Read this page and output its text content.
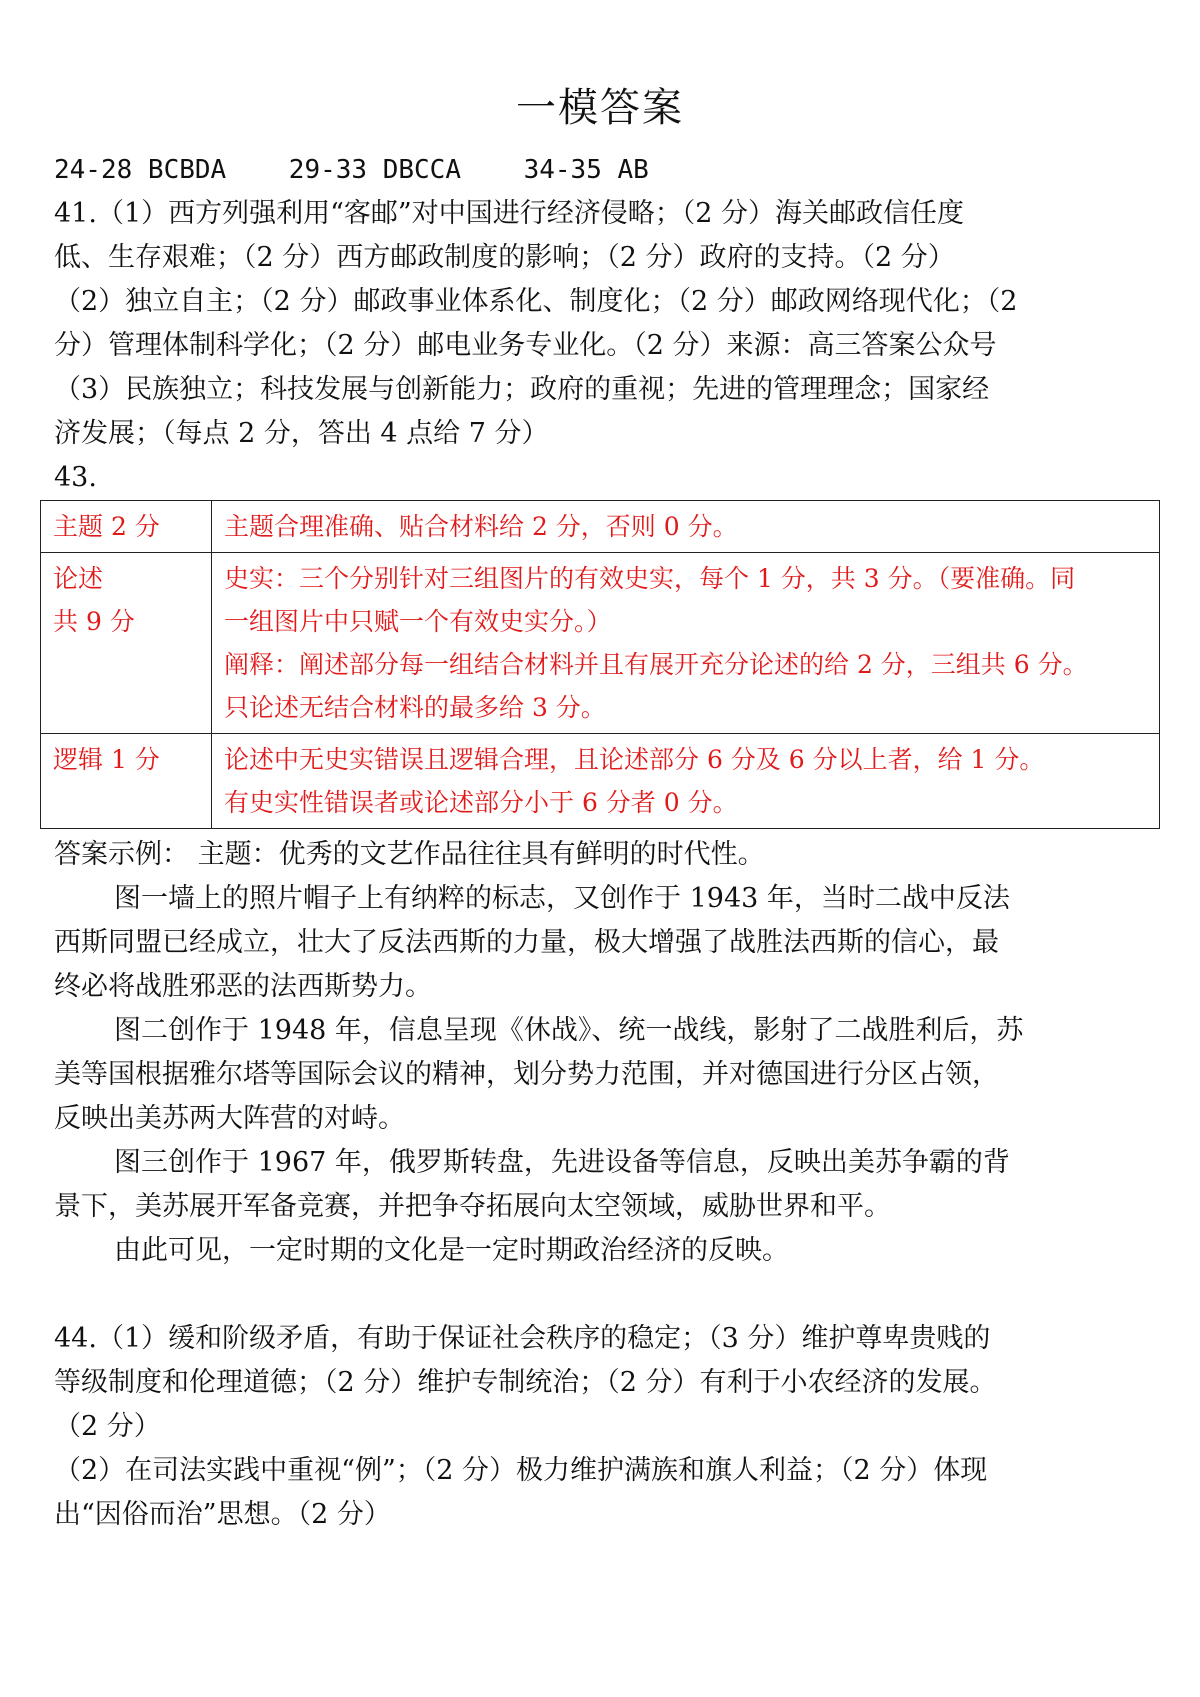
一模答案

24-28 BCBDA    29-33 DBCCA    34-35 AB

41.（1）西方列强利用“客邮”对中国进行经济侵略；（2 分）海关邮政信任度

低、生存艰难；（2 分）西方邮政制度的影响；（2 分）政府的支持。（2 分）

（2）独立自主；（2 分）邮政事业体系化、制度化；（2 分）邮政网络现代化；（2

分）管理体制科学化；（2 分）邮电业务专业化。（2 分）来源：高三答案公众号

（3）民族独立；科技发展与创新能力；政府的重视；先进的管理理念；国家经

济发展；（每点 2 分，答出 4 点给 7 分）

43.

主题 2 分	主题合理准确、贴合材料给 2 分，否则 0 分。

论述
共 9 分	史实：三个分别针对三组图片的有效史实，每个 1 分，共 3 分。（要准确。同
一组图片中只赋一个有效史实分。）
阐释：阐述部分每一组结合材料并且有展开充分论述的给 2 分，三组共 6 分。
只论述无结合材料的最多给 3 分。

逻辑 1 分	论述中无史实错误且逻辑合理，且论述部分 6 分及 6 分以上者，给 1 分。
有史实性错误者或论述部分小于 6 分者 0 分。

答案示例： 主题：优秀的文艺作品往往具有鲜明的时代性。

图一墙上的照片帽子上有纳粹的标志，又创作于 1943 年，当时二战中反法

西斯同盟已经成立，壮大了反法西斯的力量，极大增强了战胜法西斯的信心，最

终必将战胜邪恶的法西斯势力。

图二创作于 1948 年，信息呈现《休战》、统一战线，影射了二战胜利后，苏

美等国根据雅尔塔等国际会议的精神，划分势力范围，并对德国进行分区占领，

反映出美苏两大阵营的对峙。

图三创作于 1967 年，俄罗斯转盘，先进设备等信息，反映出美苏争霸的背

景下，美苏展开军备竞赛，并把争夺拓展向太空领域，威胁世界和平。

由此可见，一定时期的文化是一定时期政治经济的反映。

44.（1）缓和阶级矛盾，有助于保证社会秩序的稳定；（3 分）维护尊卑贵贱的

等级制度和伦理道德；（2 分）维护专制统治；（2 分）有利于小农经济的发展。

（2 分）

（2）在司法实践中重视“例”；（2 分）极力维护满族和旗人利益；（2 分）体现

出“因俗而治”思想。（2 分）
